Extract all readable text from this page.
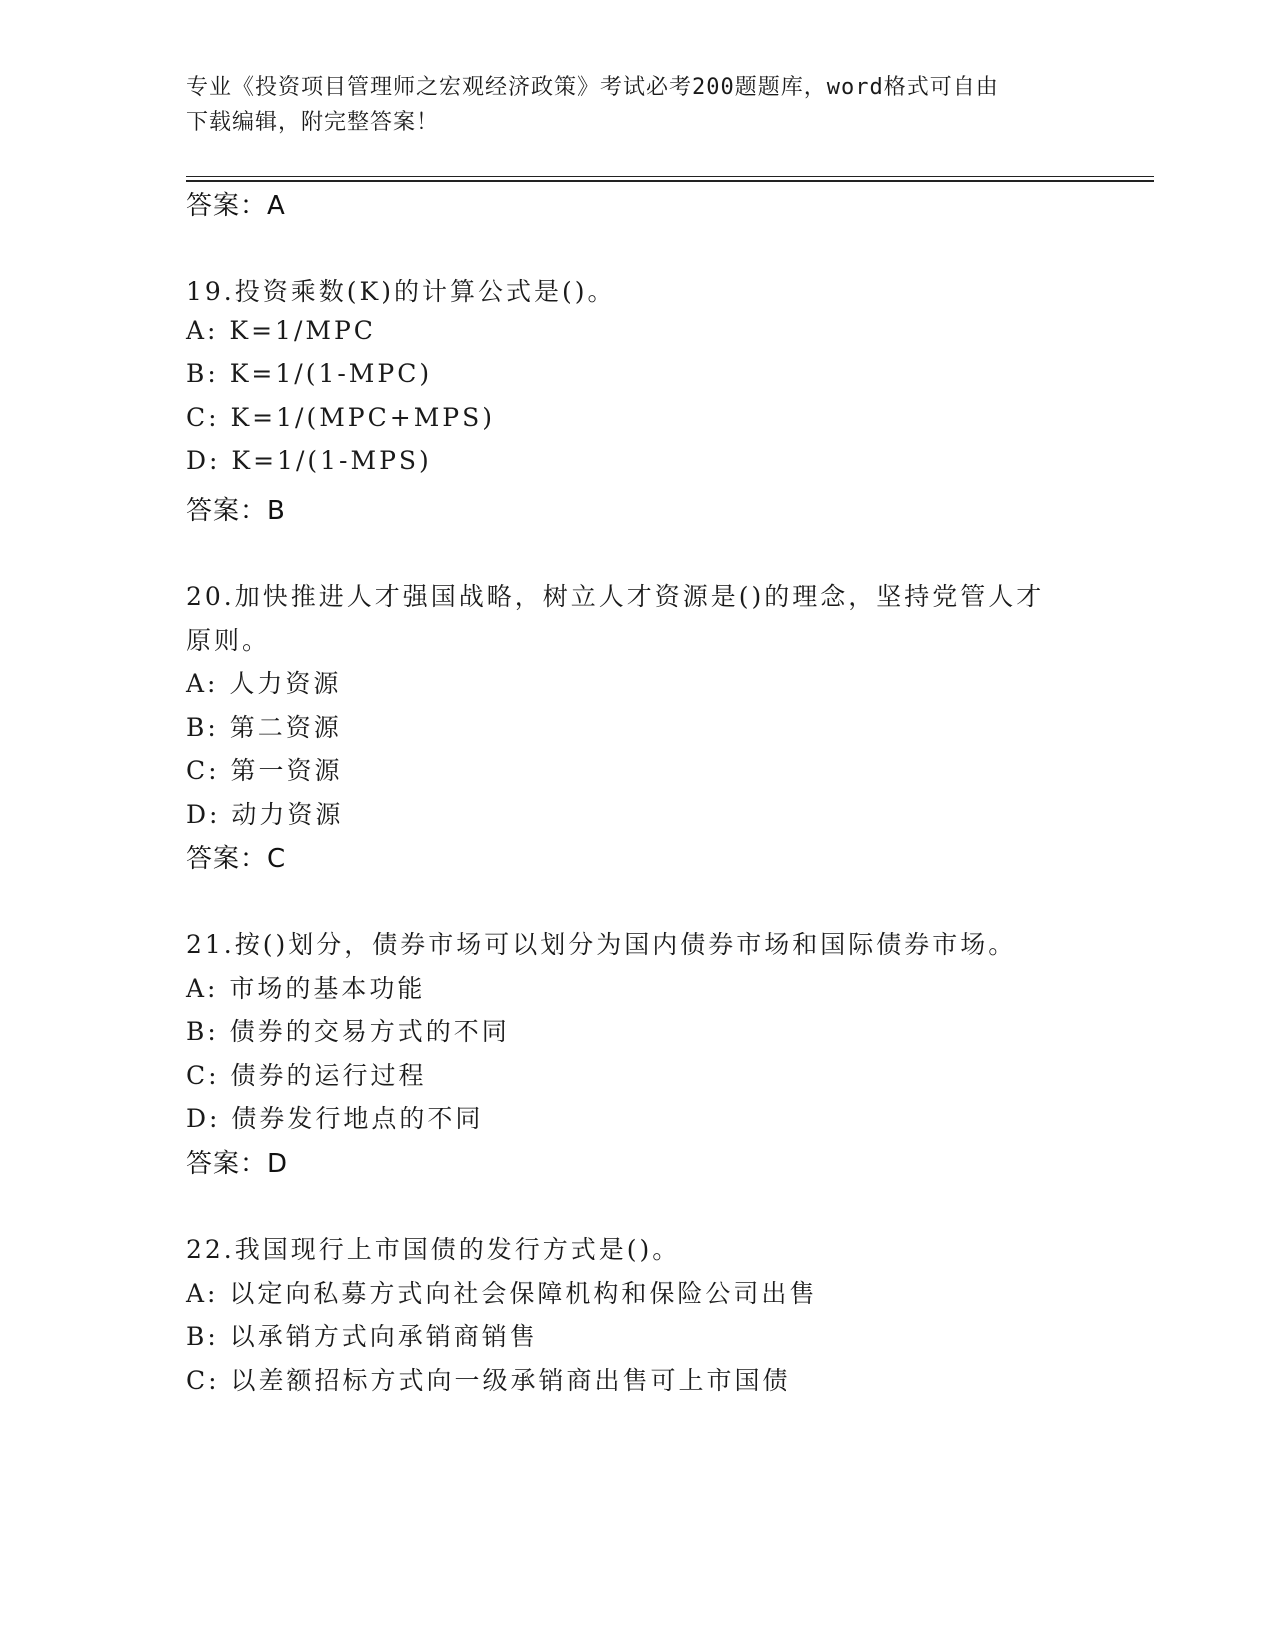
专业《投资项目管理师之宏观经济政策》考试必考200题题库，word格式可自由
下载编辑，附完整答案！
答案：A
19.投资乘数(K)的计算公式是()。
A: K=1/MPC
B: K=1/(1-MPC)
C: K=1/(MPC+MPS)
D: K=1/(1-MPS)
答案：B
20.加快推进人才强国战略，树立人才资源是()的理念，坚持党管人才
原则。
A: 人力资源
B: 第二资源
C: 第一资源
D: 动力资源
答案：C
21.按()划分，债券市场可以划分为国内债券市场和国际债券市场。
A: 市场的基本功能
B: 债券的交易方式的不同
C: 债券的运行过程
D: 债券发行地点的不同
答案：D
22.我国现行上市国债的发行方式是()。
A: 以定向私募方式向社会保障机构和保险公司出售
B: 以承销方式向承销商销售
C: 以差额招标方式向一级承销商出售可上市国债
